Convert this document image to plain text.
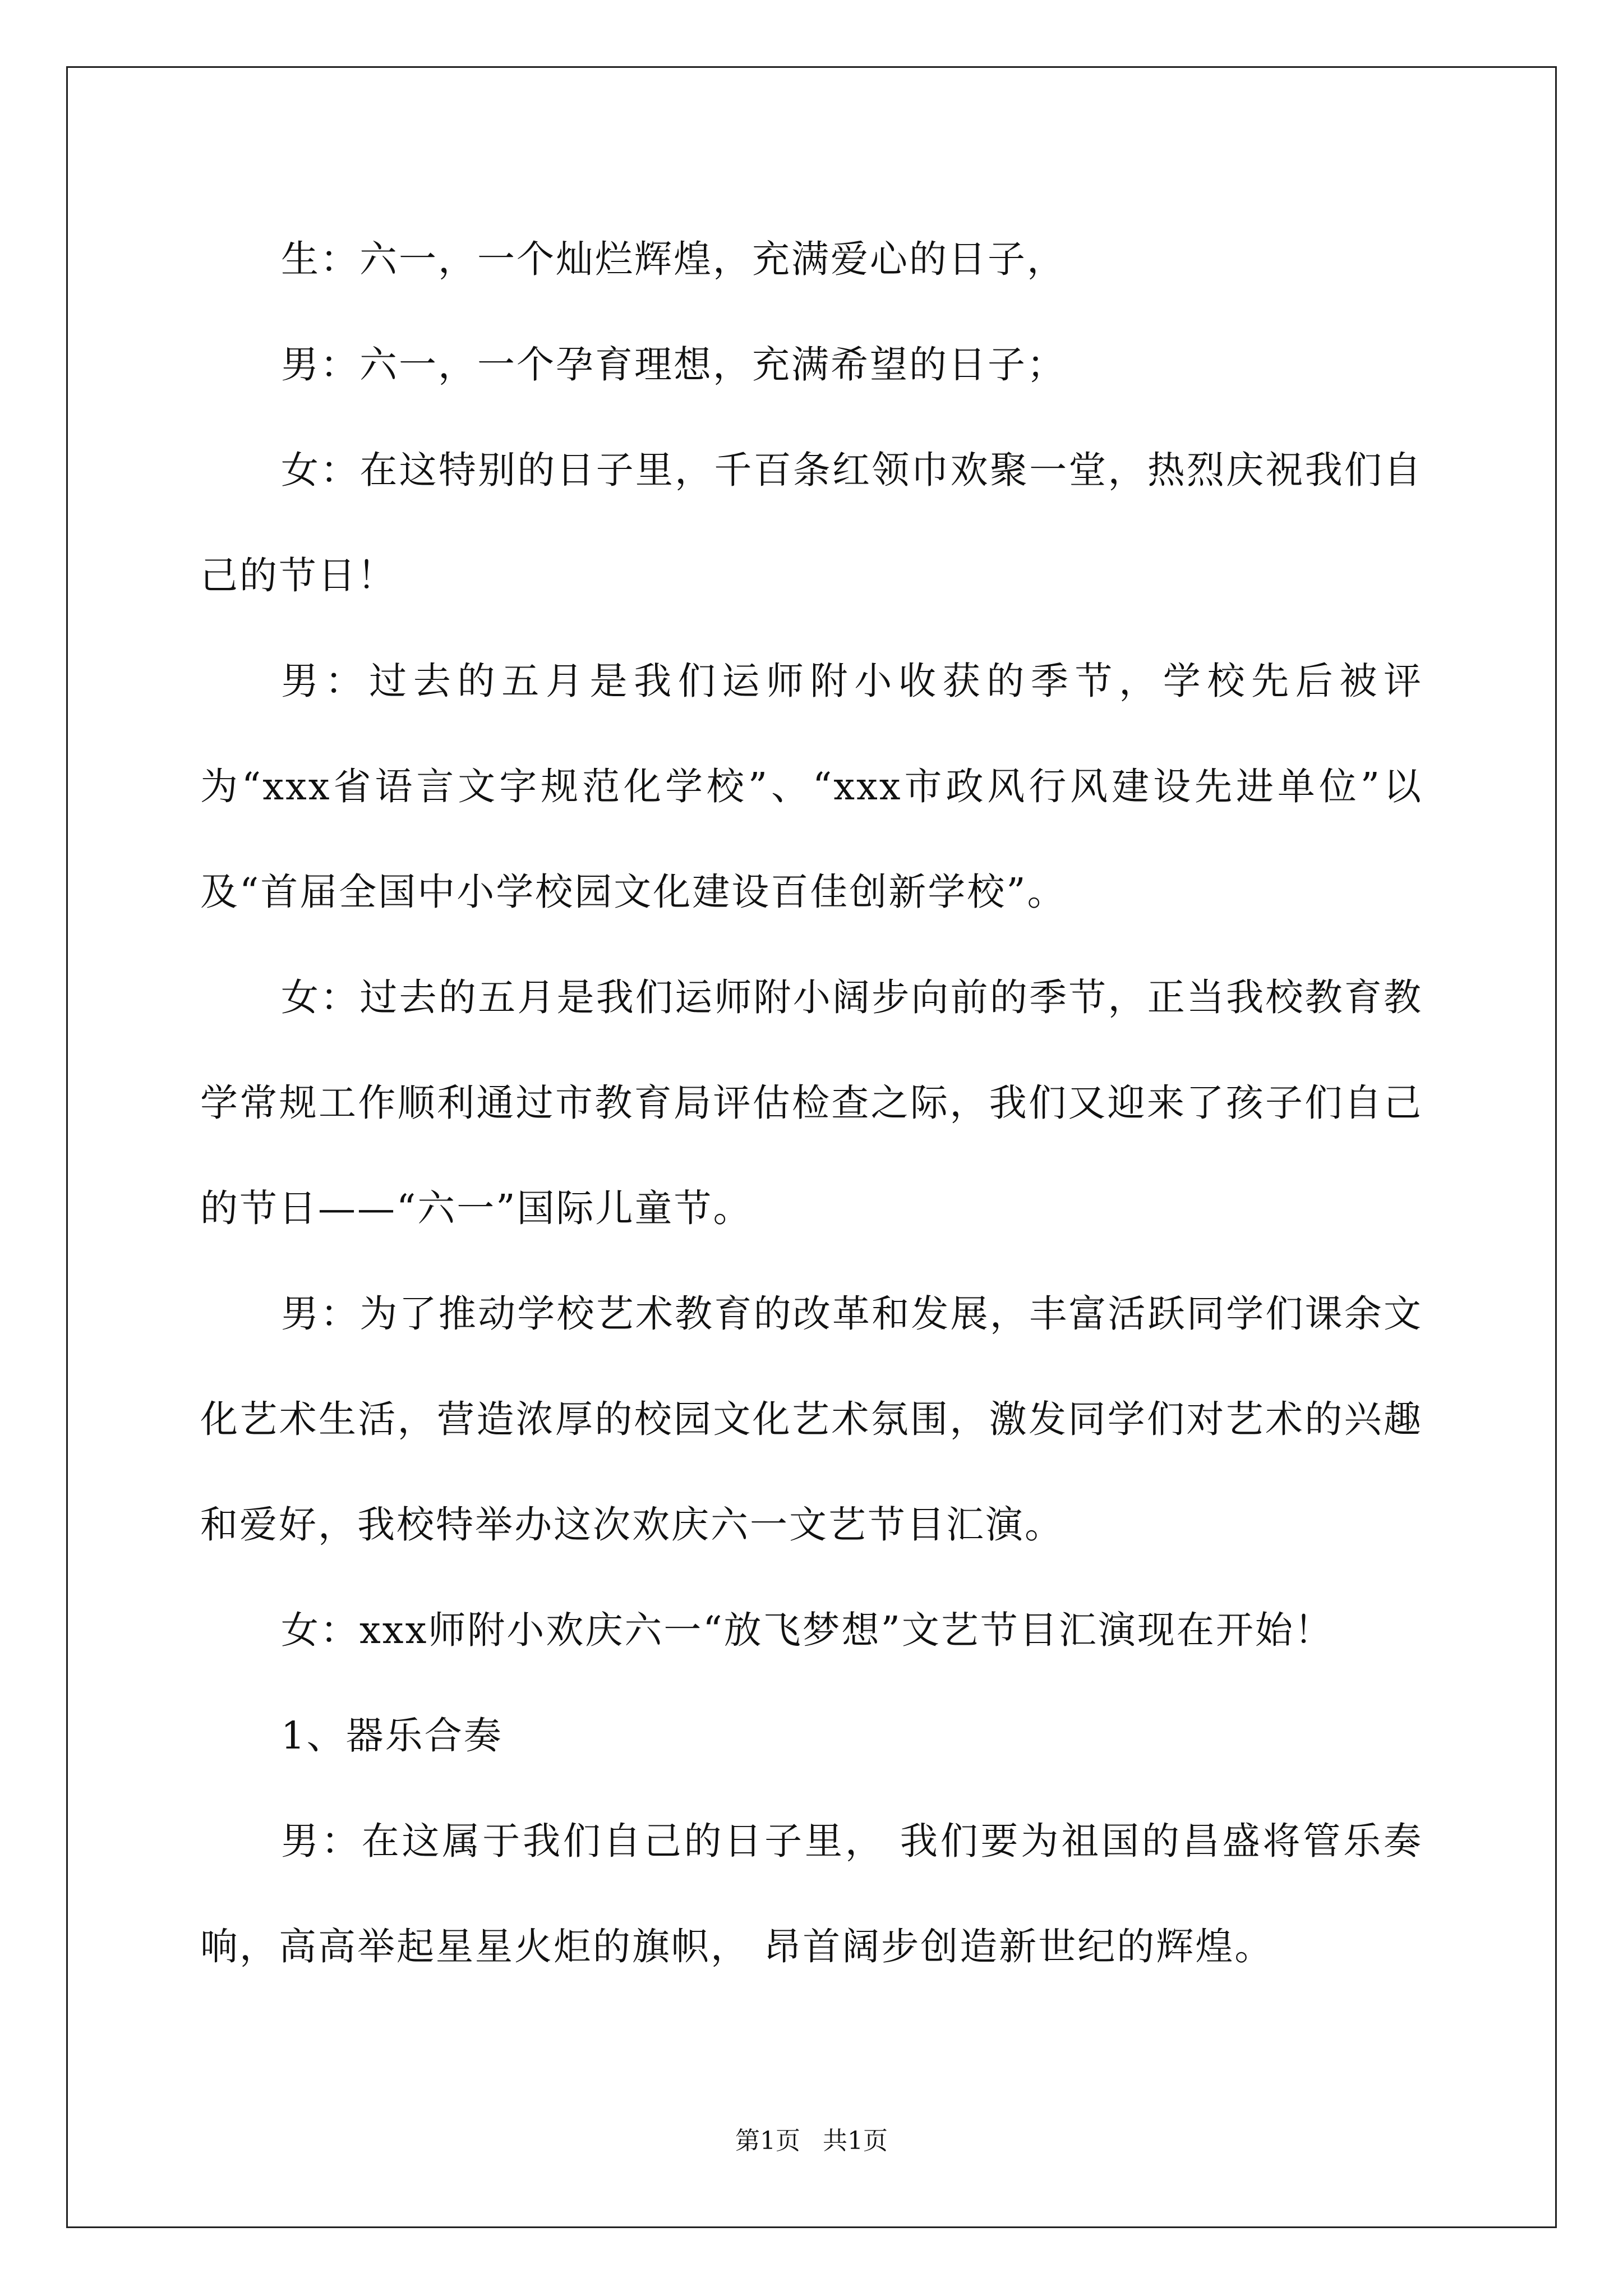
生：六一，一个灿烂辉煌，充满爱心的日子，

男：六一，一个孕育理想，充满希望的日子；

女：在这特别的日子里，千百条红领巾欢聚一堂，热烈庆祝我们自己的节日！

男：过去的五月是我们运师附小收获的季节，学校先后被评为“xxx省语言文字规范化学校”、“xxx市政风行风建设先进单位”以及“首届全国中小学校园文化建设百佳创新学校”。

女：过去的五月是我们运师附小阔步向前的季节，正当我校教育教学常规工作顺利通过市教育局评估检查之际，我们又迎来了孩子们自己的节日——“六一”国际儿童节。

男：为了推动学校艺术教育的改革和发展，丰富活跃同学们课余文化艺术生活，营造浓厚的校园文化艺术氛围，激发同学们对艺术的兴趣和爱好，我校特举办这次欢庆六一文艺节目汇演。

女：xxx师附小欢庆六一“放飞梦想”文艺节目汇演现在开始！

1、器乐合奏

男：在这属于我们自己的日子里， 我们要为祖国的昌盛将管乐奏响，高高举起星星火炬的旗帜， 昂首阔步创造新世纪的辉煌。

第1页 共1页
